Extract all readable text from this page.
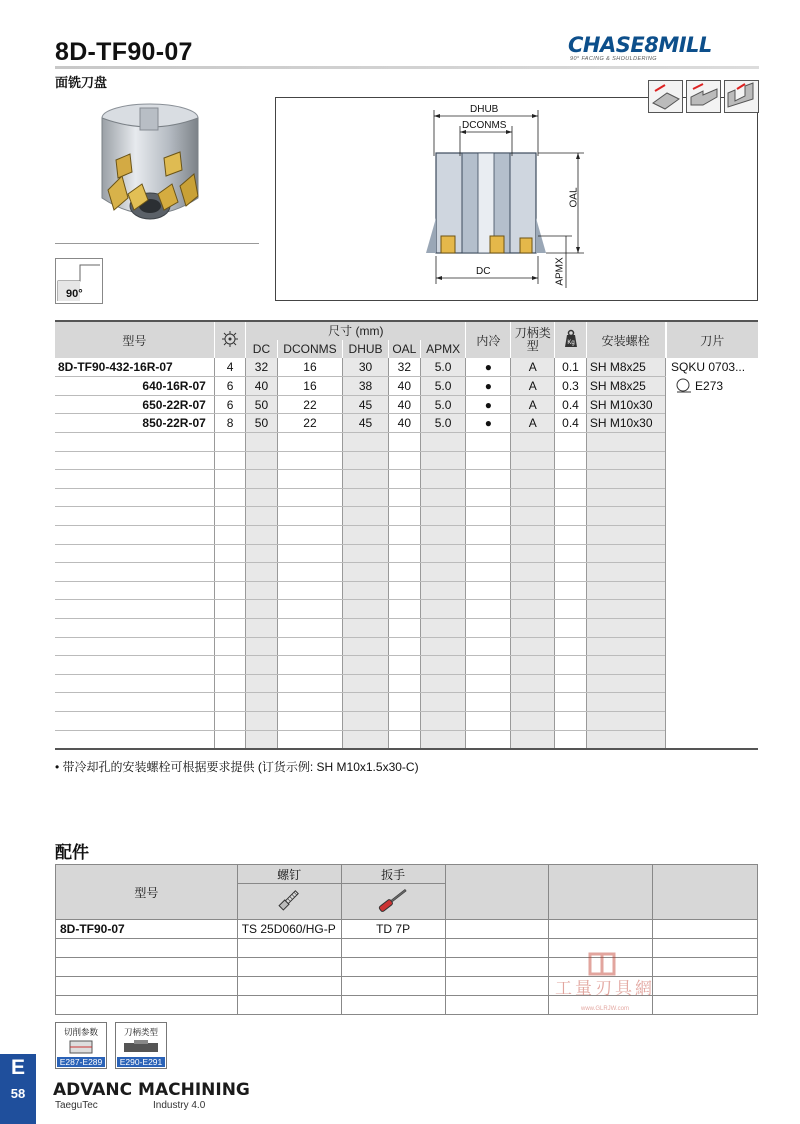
8D-TF90-07
面铣刀盘
CHASE8MILL
90° FACING & SHOULDERING
90°
DHUB
DCONMS
OAL
DC	APMX
型号		尺寸 (mm)					内冷	刀柄类型	Kg	安装螺栓	刀片
		DC	DCONMS	DHUB	OAL	APMX					
8D-TF90-432-16R-07	4	32	16	30	32	5.0	●	A	0.1	SH M8x25	SQKU 0703...
E273

640-16R-07	6	40	16	38	40	5.0	●	A	0.3	SH M8x25	
650-22R-07	6	50	22	45	40	5.0	●	A	0.4	SH M10x30	
850-22R-07	8	50	22	45	40	5.0	●	A	0.4	SH M10x30	

• 带冷却孔的安装螺栓可根据要求提供 (订货示例: SH M10x1.5x30-C)
配件
型号	螺钉	扳手			

8D-TF90-07	TS 25D060/HG-P	TD 7P			

工量刃具網
www.GLRJW.com
切削参数
E287-E289
刀柄类型
E290-E291
E
58	ADVANC MACHINING
TaeguTec	Industry 4.0
